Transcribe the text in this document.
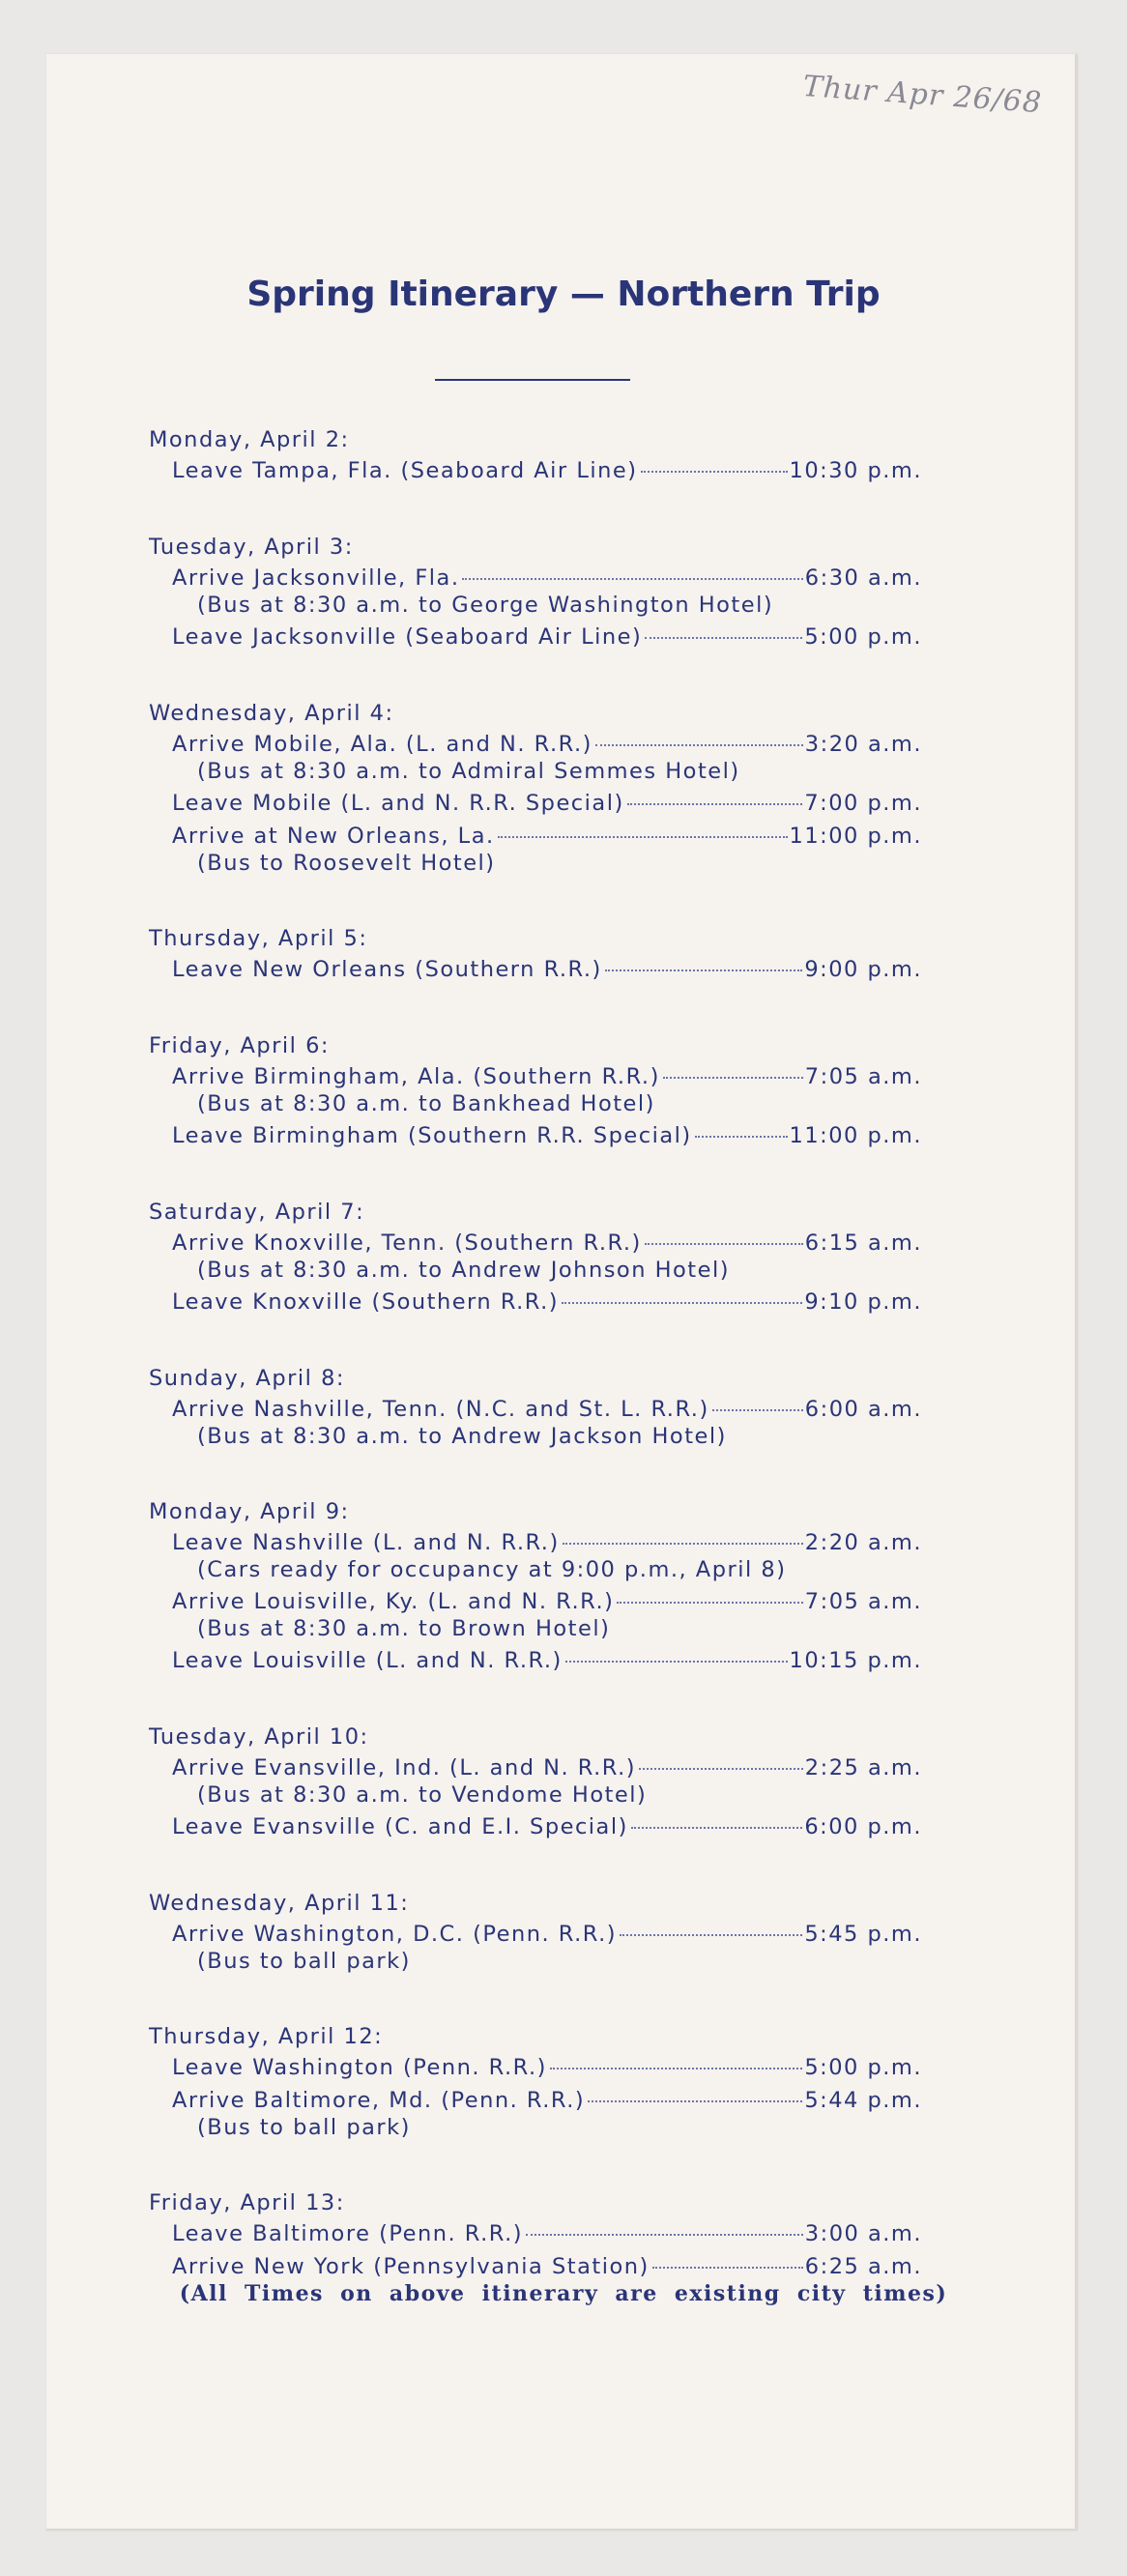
Thur Apr 26/68
Spring Itinerary — Northern Trip
Monday, April 2:
Leave Tampa, Fla. (Seaboard Air Line)	10:30 p.m.
Tuesday, April 3:
Arrive Jacksonville, Fla.	6:30 a.m.
(Bus at 8:30 a.m. to George Washington Hotel)
Leave Jacksonville (Seaboard Air Line)	5:00 p.m.
Wednesday, April 4:
Arrive Mobile, Ala. (L. and N. R.R.)	3:20 a.m.
(Bus at 8:30 a.m. to Admiral Semmes Hotel)
Leave Mobile (L. and N. R.R. Special)	7:00 p.m.
Arrive at New Orleans, La.	11:00 p.m.
(Bus to Roosevelt Hotel)
Thursday, April 5:
Leave New Orleans (Southern R.R.)	9:00 p.m.
Friday, April 6:
Arrive Birmingham, Ala. (Southern R.R.)	7:05 a.m.
(Bus at 8:30 a.m. to Bankhead Hotel)
Leave Birmingham (Southern R.R. Special)	11:00 p.m.
Saturday, April 7:
Arrive Knoxville, Tenn. (Southern R.R.)	6:15 a.m.
(Bus at 8:30 a.m. to Andrew Johnson Hotel)
Leave Knoxville (Southern R.R.)	9:10 p.m.
Sunday, April 8:
Arrive Nashville, Tenn. (N.C. and St. L. R.R.)	6:00 a.m.
(Bus at 8:30 a.m. to Andrew Jackson Hotel)
Monday, April 9:
Leave Nashville (L. and N. R.R.)	2:20 a.m.
(Cars ready for occupancy at 9:00 p.m., April 8)
Arrive Louisville, Ky. (L. and N. R.R.)	7:05 a.m.
(Bus at 8:30 a.m. to Brown Hotel)
Leave Louisville (L. and N. R.R.)	10:15 p.m.
Tuesday, April 10:
Arrive Evansville, Ind. (L. and N. R.R.)	2:25 a.m.
(Bus at 8:30 a.m. to Vendome Hotel)
Leave Evansville (C. and E.I. Special)	6:00 p.m.
Wednesday, April 11:
Arrive Washington, D.C. (Penn. R.R.)	5:45 p.m.
(Bus to ball park)
Thursday, April 12:
Leave Washington (Penn. R.R.)	5:00 p.m.
Arrive Baltimore, Md. (Penn. R.R.)	5:44 p.m.
(Bus to ball park)
Friday, April 13:
Leave Baltimore (Penn. R.R.)	3:00 a.m.
Arrive New York (Pennsylvania Station)	6:25 a.m.
(All Times on above itinerary are existing city times)
